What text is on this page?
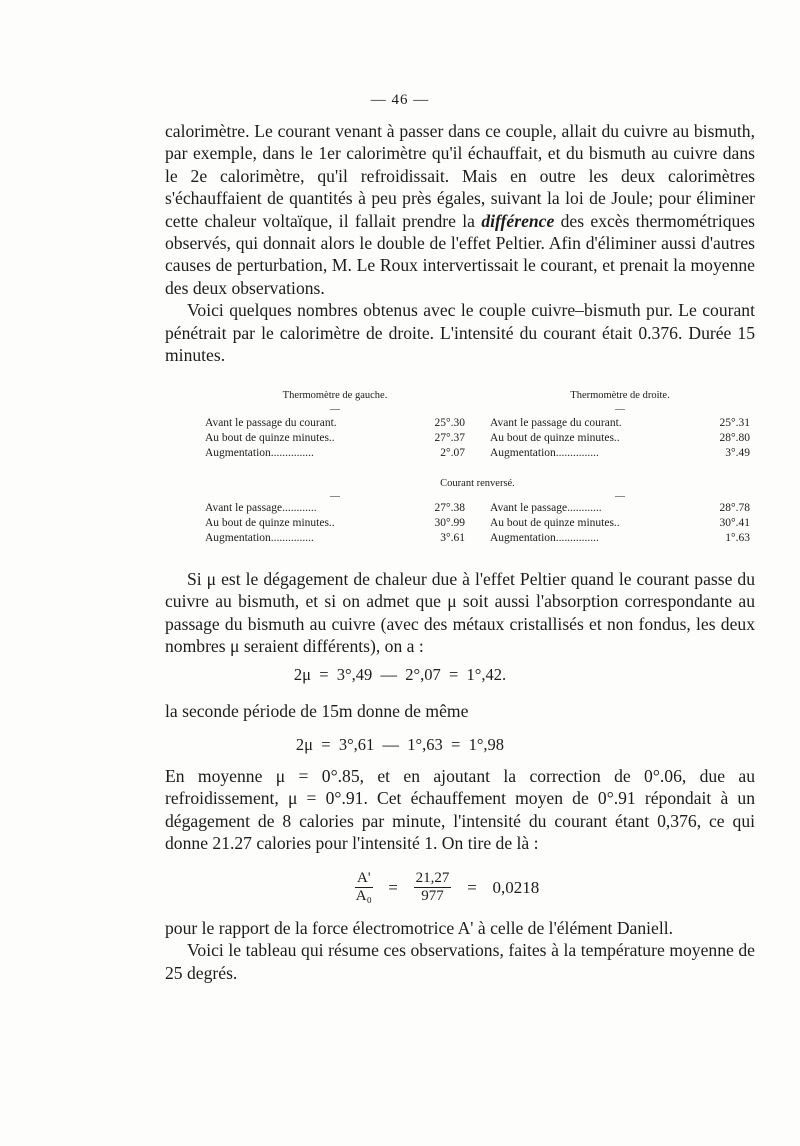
— 46 —

calorimètre. Le courant venant à passer dans ce couple, allait du cuivre au bismuth, par exemple, dans le 1er calorimètre qu'il échauffait, et du bismuth au cuivre dans le 2e calorimètre, qu'il refroidissait. Mais en outre les deux calorimètres s'échauffaient de quantités à peu près égales, suivant la loi de Joule; pour éliminer cette chaleur voltaïque, il fallait prendre la différence des excès thermométriques observés, qui donnait alors le double de l'effet Peltier. Afin d'éliminer aussi d'autres causes de perturbation, M. Le Roux intervertissait le courant, et prenait la moyenne des deux observations.

Voici quelques nombres obtenus avec le couple cuivre–bismuth pur. Le courant pénétrait par le calorimètre de droite. L'intensité du courant était 0.376. Durée 15 minutes.

Thermomètre de gauche.
—
Avant le passage du courant.	25°.30
Au bout de quinze minutes..	27°.37
Augmentation...............	2°.07
Thermomètre de droite.
—
Avant le passage du courant.	25°.31
Au bout de quinze minutes..	28°.80
Augmentation...............	3°.49
Courant renversé.
—	—
Avant le passage............	27°.38
Au bout de quinze minutes..	30°.99
Augmentation...............	3°.61
Avant le passage............	28°.78
Au bout de quinze minutes..	30°.41
Augmentation...............	1°.63

Si μ est le dégagement de chaleur due à l'effet Peltier quand le courant passe du cuivre au bismuth, et si on admet que μ soit aussi l'absorption correspondante au passage du bismuth au cuivre (avec des métaux cristallisés et non fondus, les deux nombres μ seraient différents), on a :

2μ  =  3°,49  —  2°,07  =  1°,42.
la seconde période de 15m donne de même
2μ  =  3°,61  —  1°,63  =  1°,98

En moyenne μ = 0°.85, et en ajoutant la correction de 0°.06, due au refroidissement, μ = 0°.91. Cet échauffement moyen de 0°.91 répondait à un dégagement de 8 calories par minute, l'intensité du courant étant 0,376, ce qui donne 21.27 calories pour l'intensité 1. On tire de là :

$\frac{A'}{\text{A₀}} = \frac{21,27}{977} = 0,0218$

pour le rapport de la force électromotrice A' à celle de l'élément Daniell.

Voici le tableau qui résume ces observations, faites à la température moyenne de 25 degrés.
